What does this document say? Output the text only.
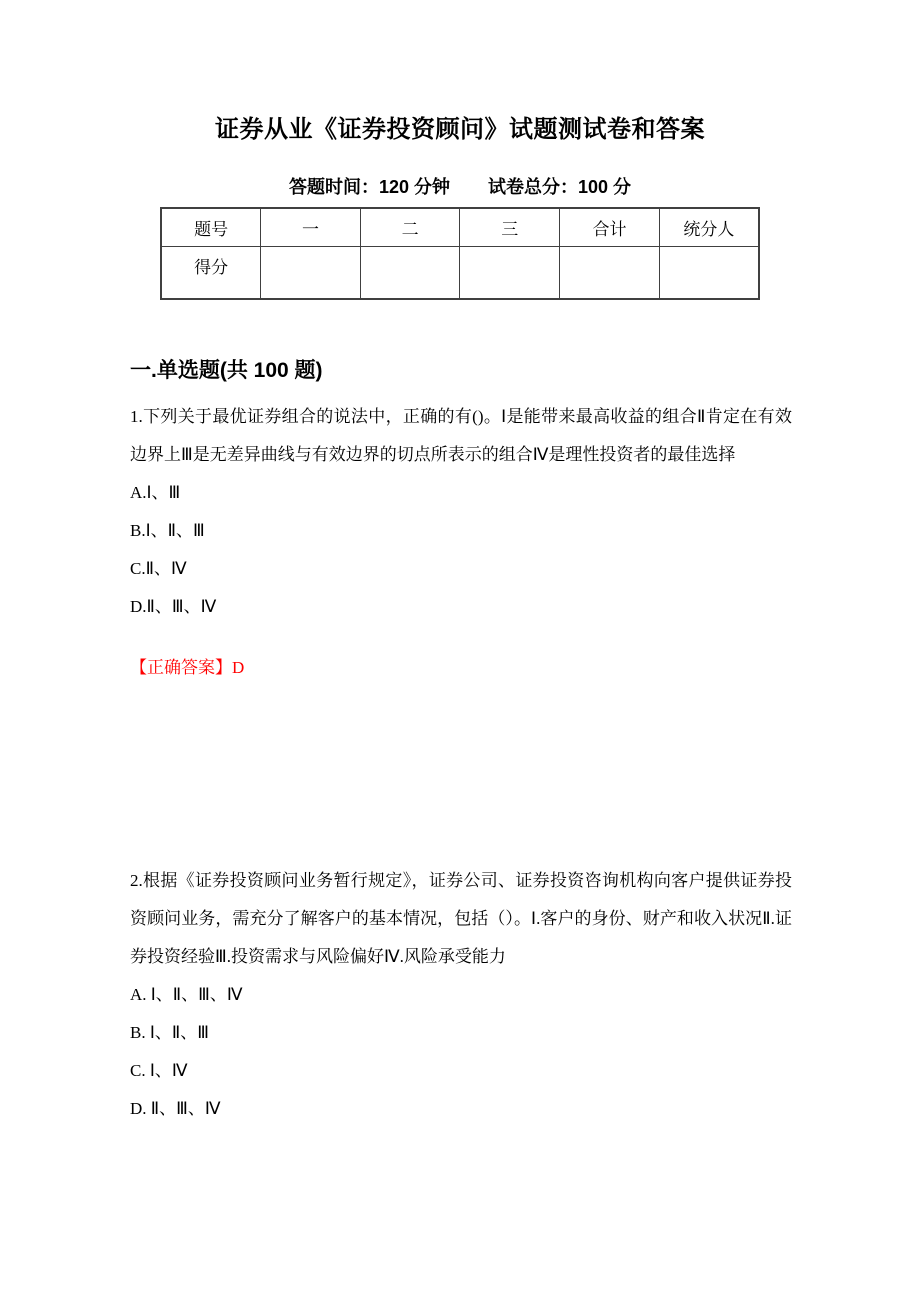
证券从业《证券投资顾问》试题测试卷和答案
答题时间：120 分钟 试卷总分：100 分
题号	一	二	三	合计	统分人
得分					
一.单选题(共 100 题)

1.下列关于最优证券组合的说法中，正确的有()。Ⅰ是能带来最高收益的组合Ⅱ肯定在有效边界上Ⅲ是无差异曲线与有效边界的切点所表示的组合Ⅳ是理性投资者的最佳选择

A.Ⅰ、Ⅲ

B.Ⅰ、Ⅱ、Ⅲ

C.Ⅱ、Ⅳ

D.Ⅱ、Ⅲ、Ⅳ

【正确答案】D

2.根据《证券投资顾问业务暂行规定》，证券公司、证券投资咨询机构向客户提供证券投资顾问业务，需充分了解客户的基本情况，包括（）。Ⅰ.客户的身份、财产和收入状况Ⅱ.证券投资经验Ⅲ.投资需求与风险偏好Ⅳ.风险承受能力

A. Ⅰ、Ⅱ、Ⅲ、Ⅳ

B. Ⅰ、Ⅱ、Ⅲ

C. Ⅰ、Ⅳ

D. Ⅱ、Ⅲ、Ⅳ
